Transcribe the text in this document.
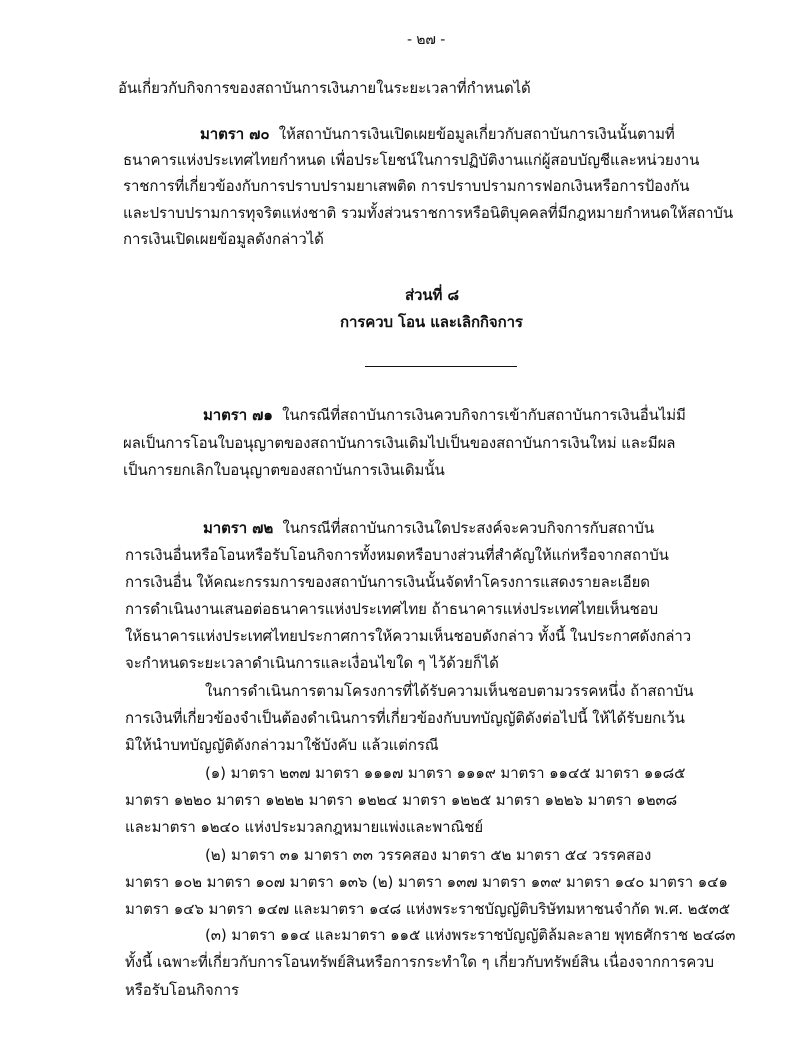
- ๒๗ -
อันเกี่ยวกับกิจการของสถาบันการเงินภายในระยะเวลาที่กำหนดได้
มาตรา ๗๐ ให้สถาบันการเงินเปิดเผยข้อมูลเกี่ยวกับสถาบันการเงินนั้นตามที่
ธนาคารแห่งประเทศไทยกำหนด เพื่อประโยชน์ในการปฏิบัติงานแก่ผู้สอบบัญชีและหน่วยงาน
ราชการที่เกี่ยวข้องกับการปราบปรามยาเสพติด การปราบปรามการฟอกเงินหรือการป้องกัน
และปราบปรามการทุจริตแห่งชาติ รวมทั้งส่วนราชการหรือนิติบุคคลที่มีกฎหมายกำหนดให้สถาบัน
การเงินเปิดเผยข้อมูลดังกล่าวได้
ส่วนที่ ๘
การควบ โอน และเลิกกิจการ
มาตรา ๗๑ ในกรณีที่สถาบันการเงินควบกิจการเข้ากับสถาบันการเงินอื่นไม่มี
ผลเป็นการโอนใบอนุญาตของสถาบันการเงินเดิมไปเป็นของสถาบันการเงินใหม่ และมีผล
เป็นการยกเลิกใบอนุญาตของสถาบันการเงินเดิมนั้น
มาตรา ๗๒ ในกรณีที่สถาบันการเงินใดประสงค์จะควบกิจการกับสถาบัน
การเงินอื่นหรือโอนหรือรับโอนกิจการทั้งหมดหรือบางส่วนที่สำคัญให้แก่หรือจากสถาบัน
การเงินอื่น ให้คณะกรรมการของสถาบันการเงินนั้นจัดทำโครงการแสดงรายละเอียด
การดำเนินงานเสนอต่อธนาคารแห่งประเทศไทย ถ้าธนาคารแห่งประเทศไทยเห็นชอบ
ให้ธนาคารแห่งประเทศไทยประกาศการให้ความเห็นชอบดังกล่าว ทั้งนี้ ในประกาศดังกล่าว
จะกำหนดระยะเวลาดำเนินการและเงื่อนไขใด ๆ ไว้ด้วยก็ได้
ในการดำเนินการตามโครงการที่ได้รับความเห็นชอบตามวรรคหนึ่ง ถ้าสถาบัน
การเงินที่เกี่ยวข้องจำเป็นต้องดำเนินการที่เกี่ยวข้องกับบทบัญญัติดังต่อไปนี้ ให้ได้รับยกเว้น
มิให้นำบทบัญญัติดังกล่าวมาใช้บังคับ แล้วแต่กรณี
(๑) มาตรา ๒๓๗ มาตรา ๑๑๑๗ มาตรา ๑๑๑๙ มาตรา ๑๑๔๕ มาตรา ๑๑๘๕
มาตรา ๑๒๒๐ มาตรา ๑๒๒๒ มาตรา ๑๒๒๔ มาตรา ๑๒๒๕ มาตรา ๑๒๒๖ มาตรา ๑๒๓๘
และมาตรา ๑๒๔๐ แห่งประมวลกฎหมายแพ่งและพาณิชย์
(๒) มาตรา ๓๑ มาตรา ๓๓ วรรคสอง มาตรา ๕๒ มาตรา ๕๔ วรรคสอง
มาตรา ๑๐๒ มาตรา ๑๐๗ มาตรา ๑๓๖ (๒) มาตรา ๑๓๗ มาตรา ๑๓๙ มาตรา ๑๔๐ มาตรา ๑๔๑
มาตรา ๑๔๖ มาตรา ๑๔๗ และมาตรา ๑๔๘ แห่งพระราชบัญญัติบริษัทมหาชนจำกัด พ.ศ. ๒๕๓๕
(๓) มาตรา ๑๑๔ และมาตรา ๑๑๕ แห่งพระราชบัญญัติล้มละลาย พุทธศักราช ๒๔๘๓
ทั้งนี้ เฉพาะที่เกี่ยวกับการโอนทรัพย์สินหรือการกระทำใด ๆ เกี่ยวกับทรัพย์สิน เนื่องจากการควบ
หรือรับโอนกิจการ
